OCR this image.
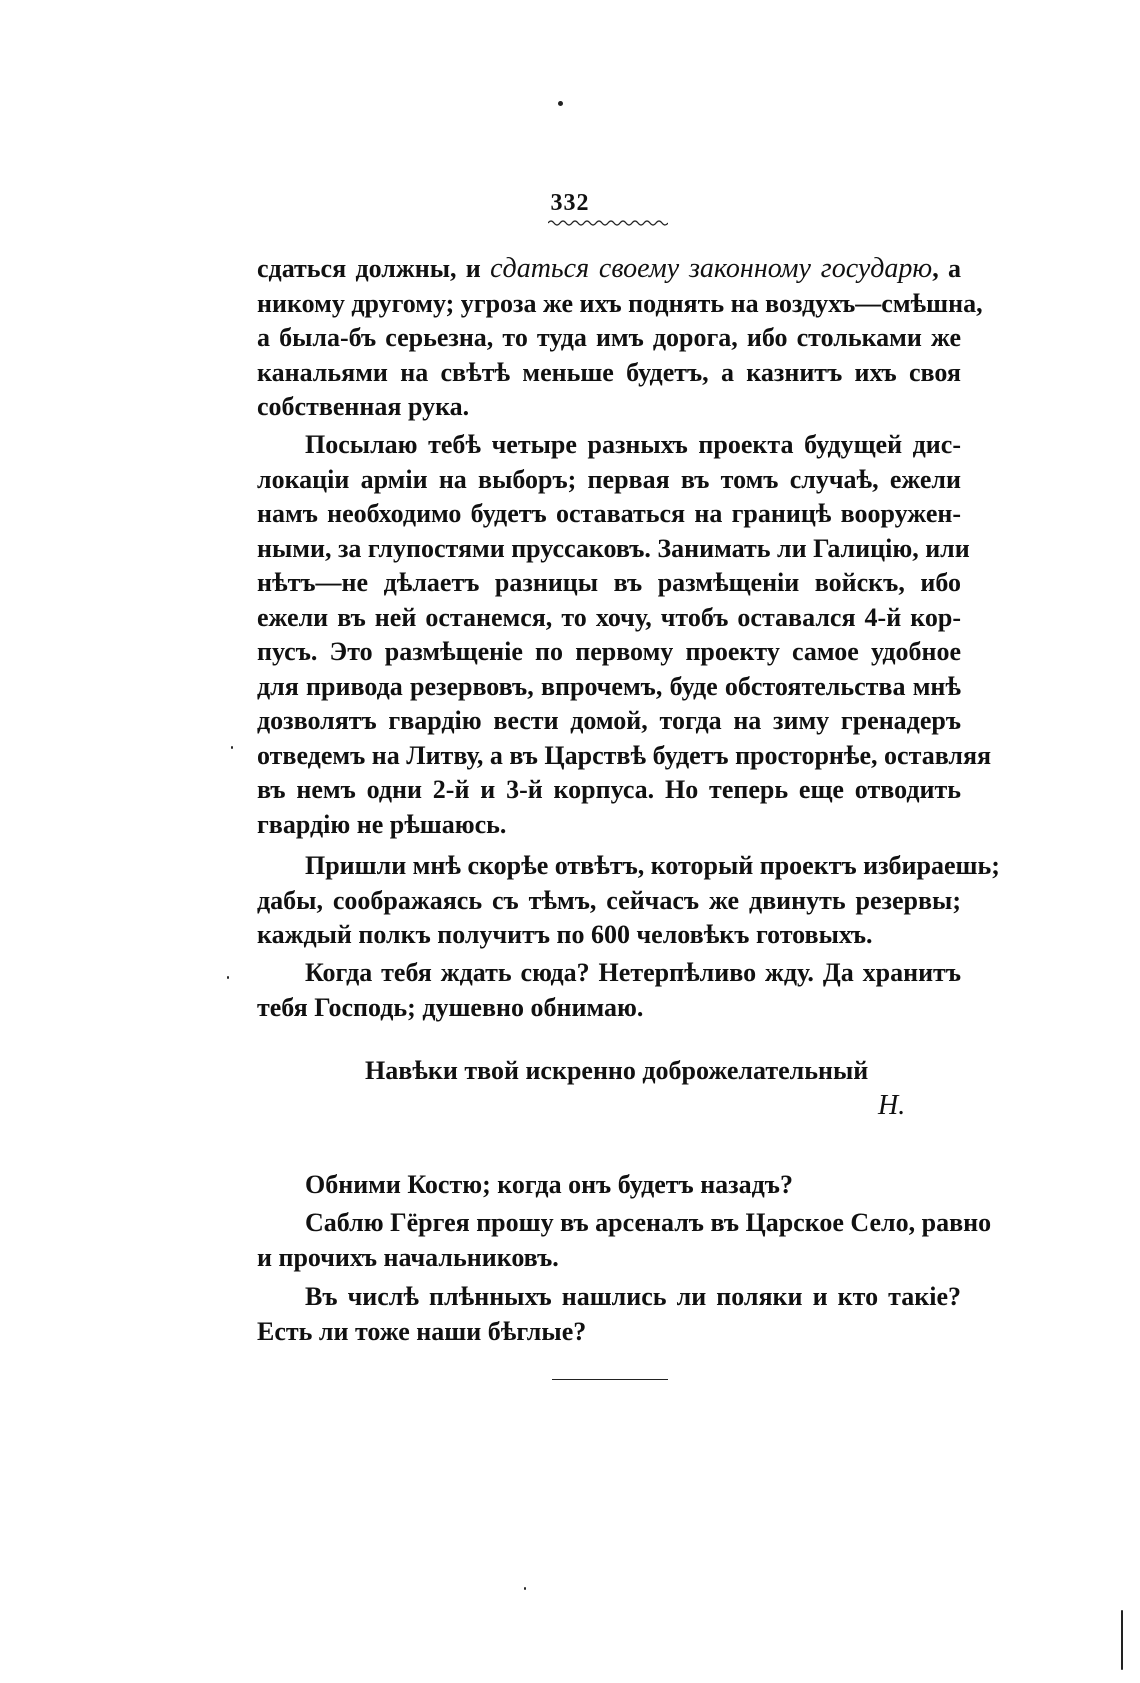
332
сдаться должны, и сдаться своему законному государю, а
никому другому; угроза же ихъ поднять на воздухъ—смѣшна,
а была-бъ серьезна, то туда имъ дорога, ибо стольками же
канальями на свѣтѣ меньше будетъ, а казнитъ ихъ своя
собственная рука.
Посылаю тебѣ четыре разныхъ проекта будущей дис-
локаціи арміи на выборъ; первая въ томъ случаѣ, ежели
намъ необходимо будетъ оставаться на границѣ вооружен-
ными, за глупостями пруссаковъ. Занимать ли Галицію, или
нѣтъ—не дѣлаетъ разницы въ размѣщеніи войскъ, ибо
ежели въ ней останемся, то хочу, чтобъ оставался 4-й кор-
пусъ. Это размѣщеніе по первому проекту самое удобное
для привода резервовъ, впрочемъ, буде обстоятельства мнѣ
дозволятъ гвардію вести домой, тогда на зиму гренадеръ
отведемъ на Литву, а въ Царствѣ будетъ просторнѣе, оставляя
въ немъ одни 2-й и 3-й корпуса. Но теперь еще отводить
гвардію не рѣшаюсь.
Пришли мнѣ скорѣе отвѣтъ, который проектъ избираешь;
дабы, соображаясь съ тѣмъ, сейчасъ же двинуть резервы;
каждый полкъ получитъ по 600 человѣкъ готовыхъ.
Когда тебя ждать сюда? Нетерпѣливо жду. Да хранитъ
тебя Господь; душевно обнимаю.
Навѣки твой искренно доброжелательный
Н.
Обними Костю; когда онъ будетъ назадъ?
Саблю Гёргея прошу въ арсеналъ въ Царское Село, равно
и прочихъ начальниковъ.
Въ числѣ плѣнныхъ нашлись ли поляки и кто такіе?
Есть ли тоже наши бѣглые?
